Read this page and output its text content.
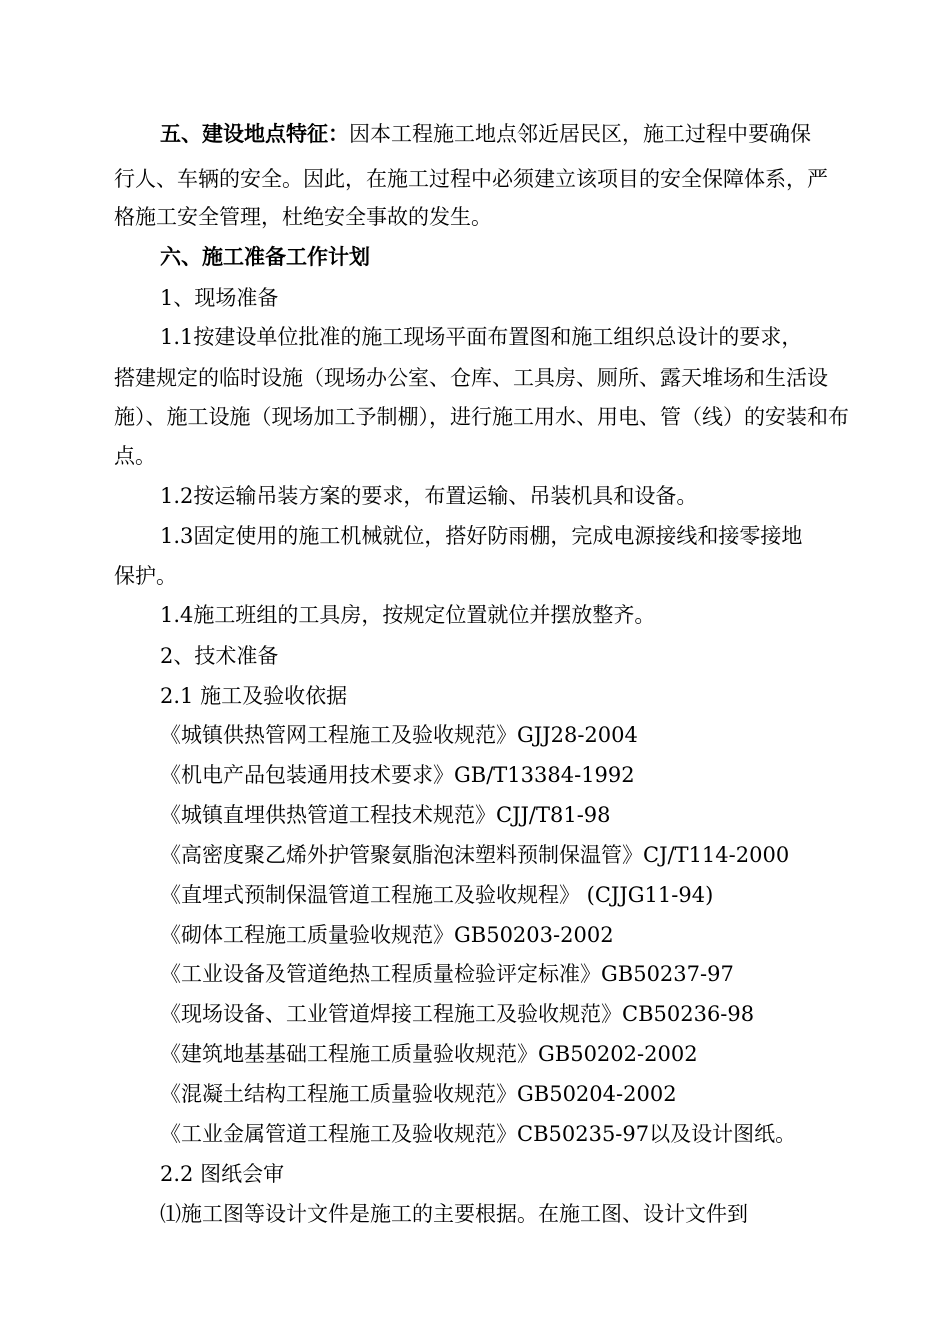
五、建设地点特征：因本工程施工地点邻近居民区，施工过程中要确保
行人、车辆的安全。因此，在施工过程中必须建立该项目的安全保障体系，严
格施工安全管理，杜绝安全事故的发生。
六、施工准备工作计划
1、现场准备
1.1按建设单位批准的施工现场平面布置图和施工组织总设计的要求，
搭建规定的临时设施（现场办公室、仓库、工具房、厕所、露天堆场和生活设
施）、施工设施（现场加工予制棚），进行施工用水、用电、管（线）的安装和布
点。
1.2按运输吊装方案的要求，布置运输、吊装机具和设备。
1.3固定使用的施工机械就位，搭好防雨棚，完成电源接线和接零接地
保护。
1.4施工班组的工具房，按规定位置就位并摆放整齐。
2、技术准备
2.1 施工及验收依据
《城镇供热管网工程施工及验收规范》GJJ28-2004
《机电产品包装通用技术要求》GB/T13384-1992
《城镇直埋供热管道工程技术规范》CJJ/T81-98
《高密度聚乙烯外护管聚氨脂泡沫塑料预制保温管》CJ/T114-2000
《直埋式预制保温管道工程施工及验收规程》 (CJJG11-94)
《砌体工程施工质量验收规范》GB50203-2002
《工业设备及管道绝热工程质量检验评定标准》GB50237-97
《现场设备、工业管道焊接工程施工及验收规范》CB50236-98
《建筑地基基础工程施工质量验收规范》GB50202-2002
《混凝土结构工程施工质量验收规范》GB50204-2002
《工业金属管道工程施工及验收规范》CB50235-97以及设计图纸。
2.2 图纸会审
⑴施工图等设计文件是施工的主要根据。在施工图、设计文件到
